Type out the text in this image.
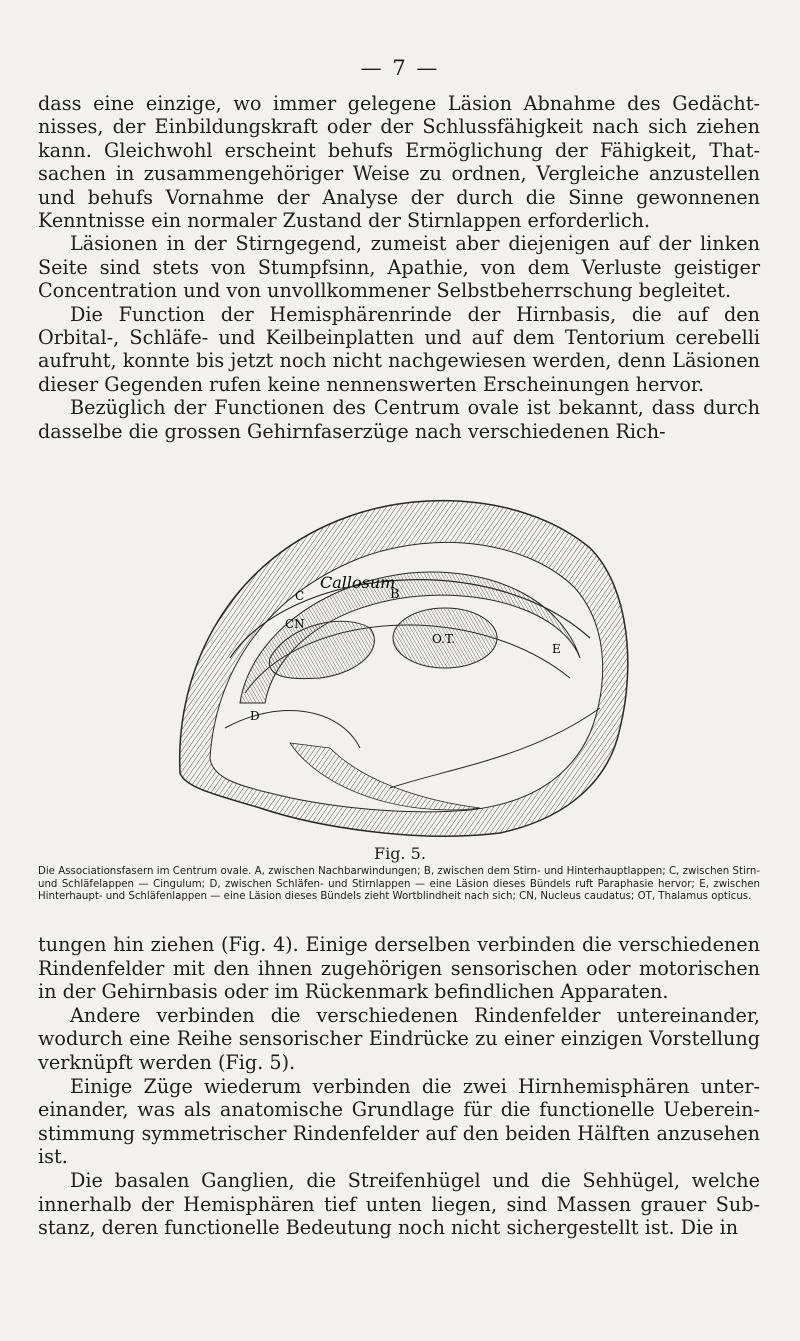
— 7 —

dass eine einzige, wo immer gelegene Läsion Abnahme des Gedächt-nisses, der Einbildungskraft oder der Schlussfähigkeit nach sich ziehen kann. Gleichwohl erscheint behufs Ermöglichung der Fähigkeit, That-sachen in zusammengehöriger Weise zu ordnen, Vergleiche anzustellen und behufs Vornahme der Analyse der durch die Sinne gewonnenen Kenntnisse ein normaler Zustand der Stirnlappen erforderlich.

Läsionen in der Stirngegend, zumeist aber diejenigen auf der linken Seite sind stets von Stumpfsinn, Apathie, von dem Verluste geistiger Concentration und von unvollkommener Selbstbeherrschung begleitet.

Die Function der Hemisphärenrinde der Hirnbasis, die auf den Orbital-, Schläfe- und Keilbeinplatten und auf dem Tentorium cerebelli aufruht, konnte bis jetzt noch nicht nachgewiesen werden, denn Läsionen dieser Gegenden rufen keine nennenswerten Erscheinungen hervor.

Bezüglich der Functionen des Centrum ovale ist bekannt, dass durch dasselbe die grossen Gehirnfaserzüge nach verschiedenen Rich-

B
Callosum
C
CN
O.T.
D
E
Fig. 5.
Die Associationsfasern im Centrum ovale. A, zwischen Nachbarwindungen; B, zwischen dem Stirn- und Hinterhauptlappen; C, zwischen Stirn- und Schläfelappen — Cingulum; D, zwischen Schläfen- und Stirnlappen — eine Läsion dieses Bündels ruft Paraphasie hervor; E, zwischen Hinterhaupt- und Schläfenlappen — eine Läsion dieses Bündels zieht Wortblindheit nach sich; CN, Nucleus caudatus; OT, Thalamus opticus.

tungen hin ziehen (Fig. 4). Einige derselben verbinden die verschiedenen Rindenfelder mit den ihnen zugehörigen sensorischen oder motorischen in der Gehirnbasis oder im Rückenmark befindlichen Apparaten.

Andere verbinden die verschiedenen Rindenfelder untereinander, wodurch eine Reihe sensorischer Eindrücke zu einer einzigen Vorstellung verknüpft werden (Fig. 5).

Einige Züge wiederum verbinden die zwei Hirnhemisphären unter-einander, was als anatomische Grundlage für die functionelle Ueberein-stimmung symmetrischer Rindenfelder auf den beiden Hälften anzusehen ist.

Die basalen Ganglien, die Streifenhügel und die Sehhügel, welche innerhalb der Hemisphären tief unten liegen, sind Massen grauer Sub-stanz, deren functionelle Bedeutung noch nicht sichergestellt ist. Die in
